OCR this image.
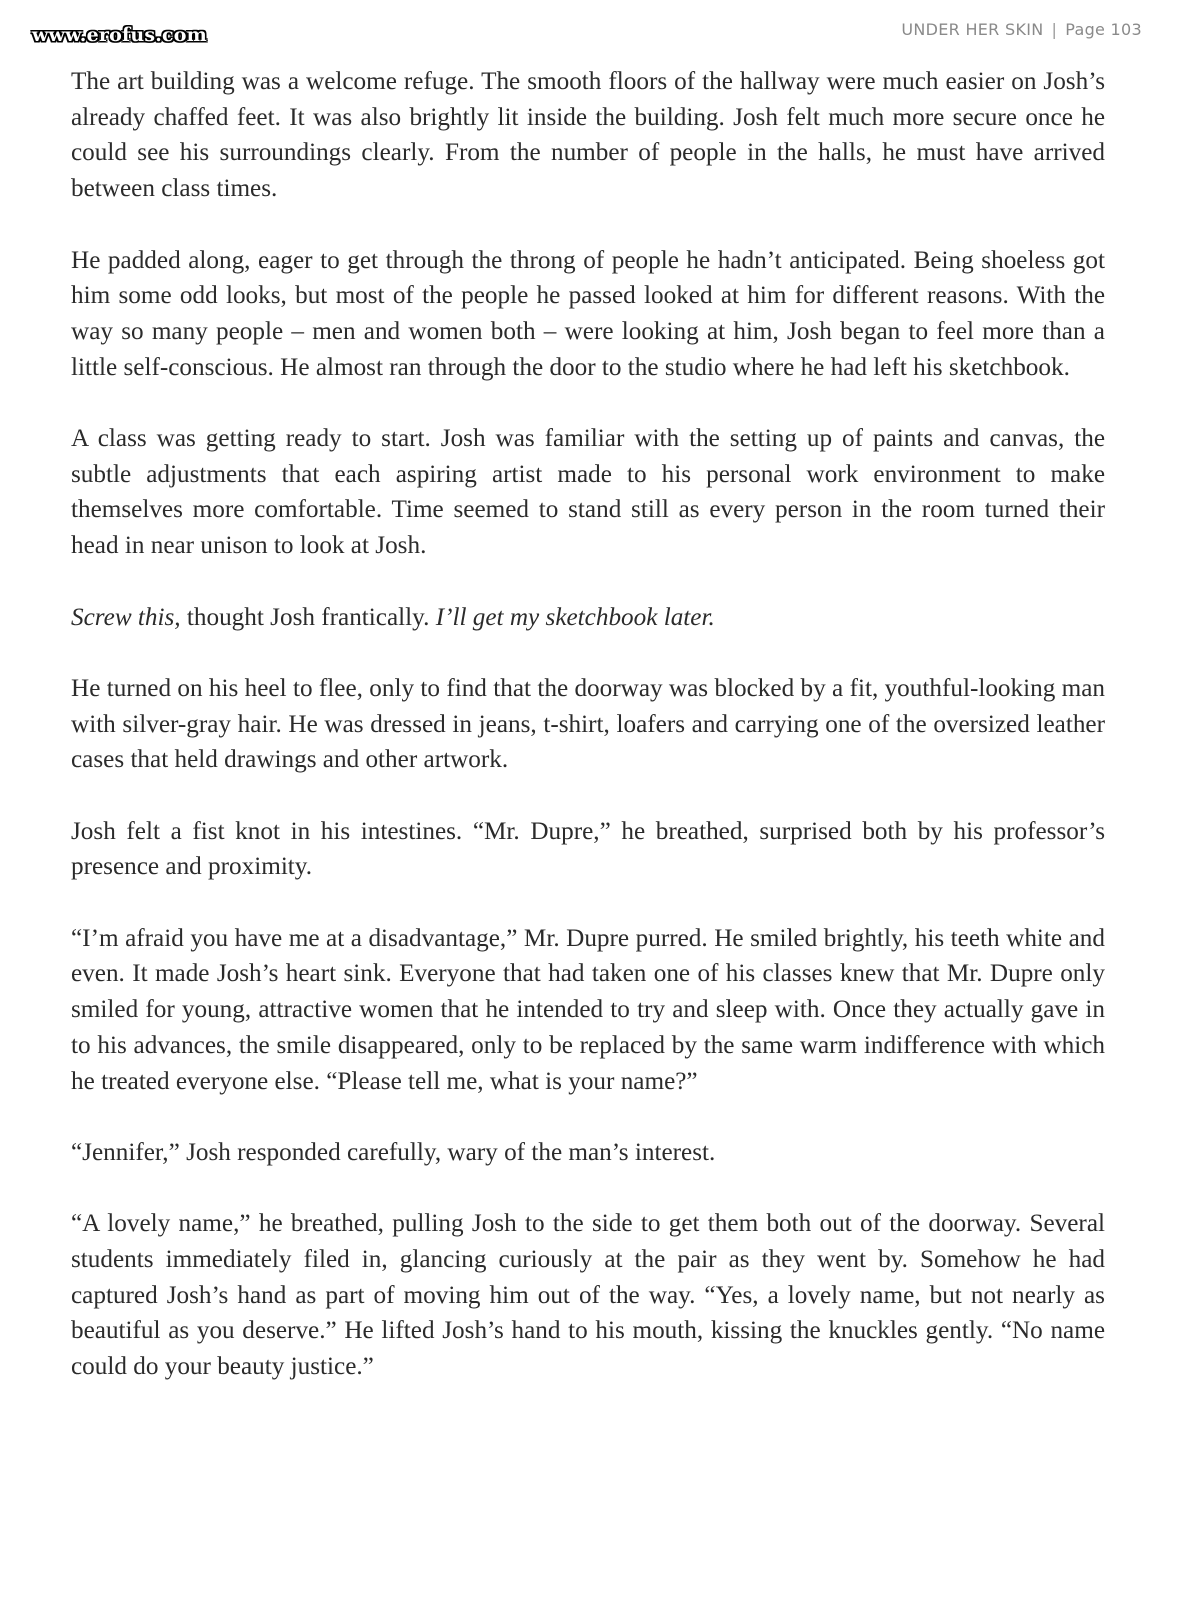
www.erofus.com	UNDER HER SKIN | Page 103

The art building was a welcome refuge. The smooth floors of the hallway were much easier on Josh’s already chaffed feet. It was also brightly lit inside the building. Josh felt much more secure once he could see his surroundings clearly. From the number of people in the halls, he must have arrived between class times.

He padded along, eager to get through the throng of people he hadn’t anticipated. Being shoeless got him some odd looks, but most of the people he passed looked at him for different reasons. With the way so many people – men and women both – were looking at him, Josh began to feel more than a little self-conscious. He almost ran through the door to the studio where he had left his sketchbook.

A class was getting ready to start. Josh was familiar with the setting up of paints and canvas, the subtle adjustments that each aspiring artist made to his personal work environment to make themselves more comfortable. Time seemed to stand still as every person in the room turned their head in near unison to look at Josh.

Screw this, thought Josh frantically. I’ll get my sketchbook later.

He turned on his heel to flee, only to find that the doorway was blocked by a fit, youthful-looking man with silver-gray hair. He was dressed in jeans, t-shirt, loafers and carrying one of the oversized leather cases that held drawings and other artwork.

Josh felt a fist knot in his intestines. “Mr. Dupre,” he breathed, surprised both by his professor’s presence and proximity.

“I’m afraid you have me at a disadvantage,” Mr. Dupre purred. He smiled brightly, his teeth white and even. It made Josh’s heart sink. Everyone that had taken one of his classes knew that Mr. Dupre only smiled for young, attractive women that he intended to try and sleep with. Once they actually gave in to his advances, the smile disappeared, only to be replaced by the same warm indifference with which he treated everyone else. “Please tell me, what is your name?”

“Jennifer,” Josh responded carefully, wary of the man’s interest.

“A lovely name,” he breathed, pulling Josh to the side to get them both out of the doorway. Several students immediately filed in, glancing curiously at the pair as they went by. Somehow he had captured Josh’s hand as part of moving him out of the way. “Yes, a lovely name, but not nearly as beautiful as you deserve.” He lifted Josh’s hand to his mouth, kissing the knuckles gently. “No name could do your beauty justice.”
